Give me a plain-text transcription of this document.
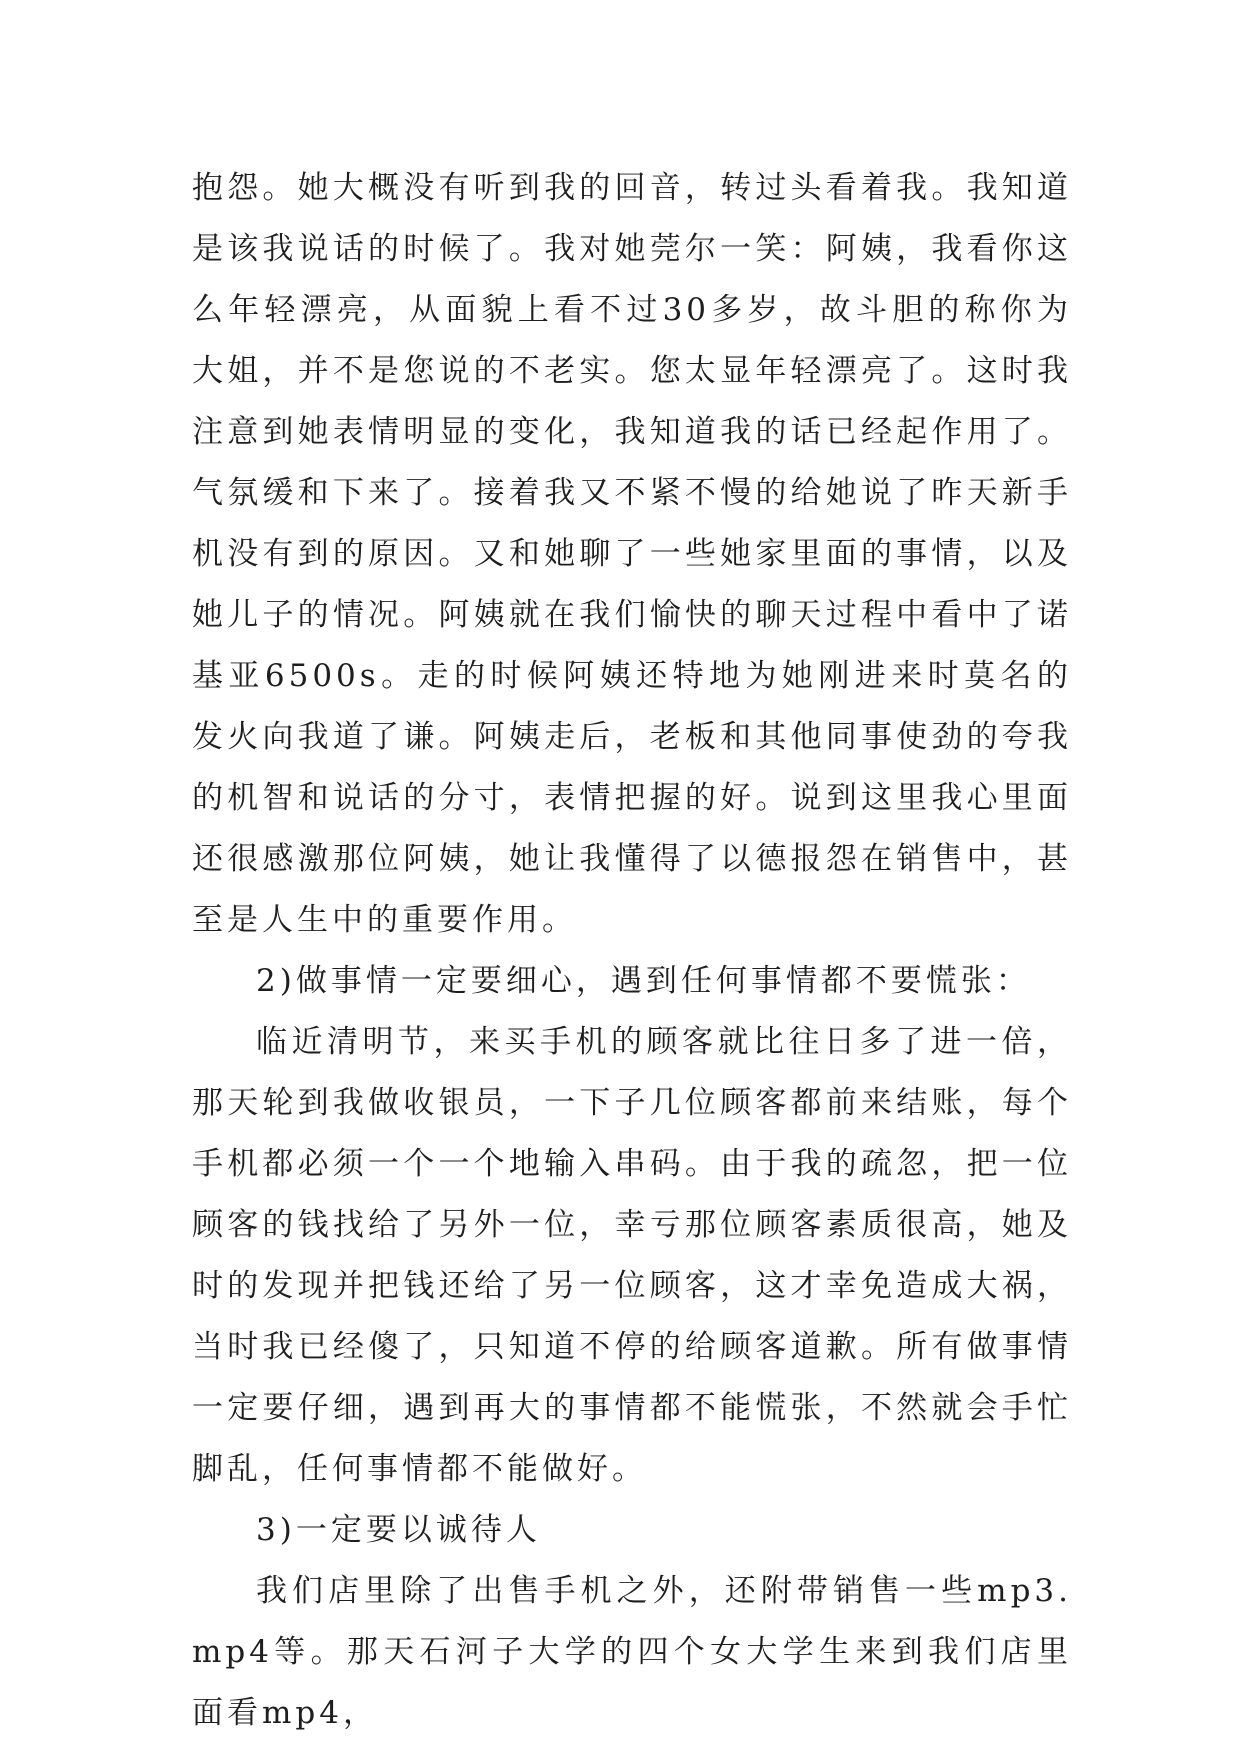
抱怨。她大概没有听到我的回音，转过头看着我。我知道是该我说话的时候了。我对她莞尔一笑：阿姨，我看你这么年轻漂亮，从面貌上看不过30多岁，故斗胆的称你为大姐，并不是您说的不老实。您太显年轻漂亮了。这时我注意到她表情明显的变化，我知道我的话已经起作用了。气氛缓和下来了。接着我又不紧不慢的给她说了昨天新手机没有到的原因。又和她聊了一些她家里面的事情，以及她儿子的情况。阿姨就在我们愉快的聊天过程中看中了诺基亚6500s。走的时候阿姨还特地为她刚进来时莫名的发火向我道了谦。阿姨走后，老板和其他同事使劲的夸我的机智和说话的分寸，表情把握的好。说到这里我心里面还很感激那位阿姨，她让我懂得了以德报怨在销售中，甚至是人生中的重要作用。

2)做事情一定要细心，遇到任何事情都不要慌张：

临近清明节，来买手机的顾客就比往日多了进一倍，那天轮到我做收银员，一下子几位顾客都前来结账，每个手机都必须一个一个地输入串码。由于我的疏忽，把一位顾客的钱找给了另外一位，幸亏那位顾客素质很高，她及时的发现并把钱还给了另一位顾客，这才幸免造成大祸，当时我已经傻了，只知道不停的给顾客道歉。所有做事情一定要仔细，遇到再大的事情都不能慌张，不然就会手忙脚乱，任何事情都不能做好。

3)一定要以诚待人

我们店里除了出售手机之外，还附带销售一些mp3.mp4等。那天石河子大学的四个女大学生来到我们店里面看mp4，
